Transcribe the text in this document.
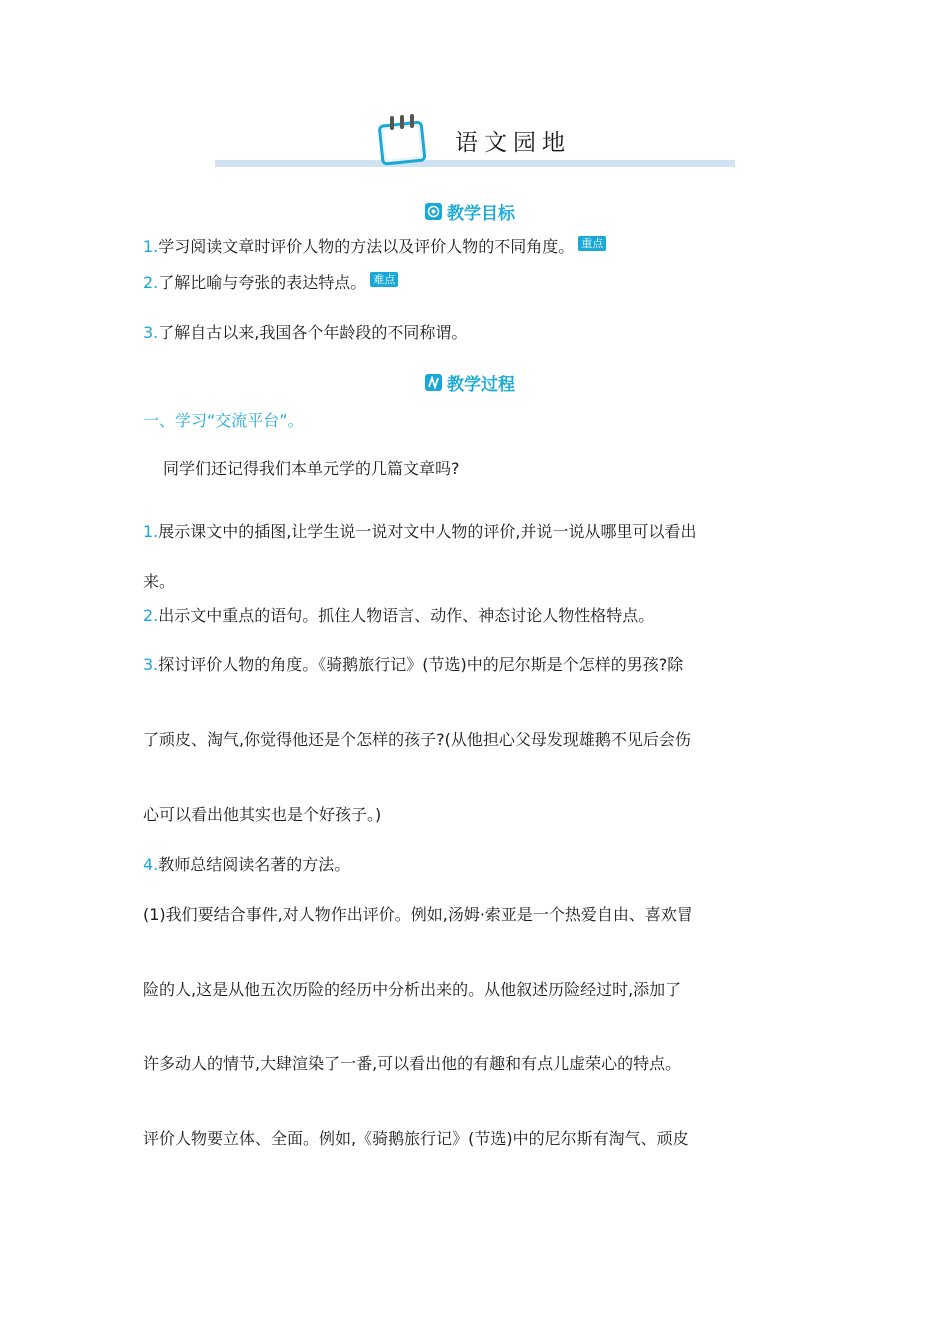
语文园地
教学目标
1.学习阅读文章时评价人物的方法以及评价人物的不同角度。 重点
2.了解比喻与夸张的表达特点。 难点
3.了解自古以来,我国各个年龄段的不同称谓。
教学过程
一、学习“交流平台”。
同学们还记得我们本单元学的几篇文章吗?
1.展示课文中的插图,让学生说一说对文中人物的评价,并说一说从哪里可以看出
来。
2.出示文中重点的语句。抓住人物语言、动作、神态讨论人物性格特点。
3.探讨评价人物的角度。《骑鹅旅行记》(节选)中的尼尔斯是个怎样的男孩?除
了顽皮、淘气,你觉得他还是个怎样的孩子?(从他担心父母发现雄鹅不见后会伤
心可以看出他其实也是个好孩子。)
4.教师总结阅读名著的方法。
(1)我们要结合事件,对人物作出评价。例如,汤姆·索亚是一个热爱自由、喜欢冒
险的人,这是从他五次历险的经历中分析出来的。从他叙述历险经过时,添加了
许多动人的情节,大肆渲染了一番,可以看出他的有趣和有点儿虚荣心的特点。
评价人物要立体、全面。例如,《骑鹅旅行记》(节选)中的尼尔斯有淘气、顽皮
